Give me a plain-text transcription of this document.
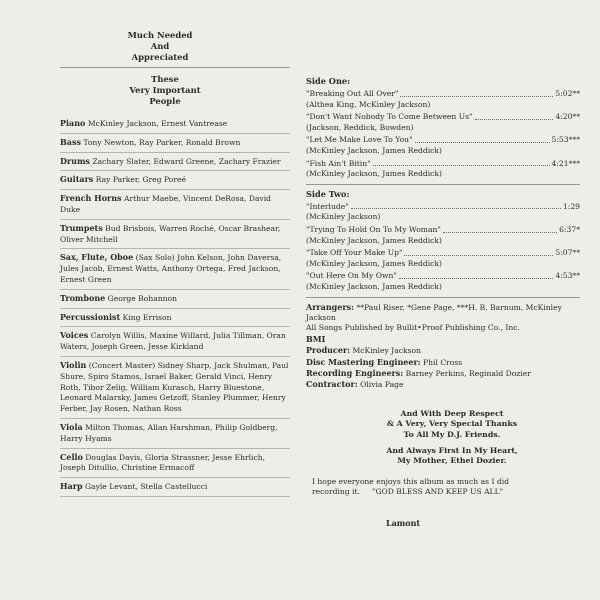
Much Needed
And
Appreciated
These
Very Important
People
Piano McKinley Jackson, Ernest Vantrease
Bass Tony Newton, Ray Parker, Ronald Brown
Drums Zachary Slater, Edward Greene, Zachary Frazier
Guitars Ray Parker, Greg Poreé
French Horns Arthur Maebe, Vincent DeRosa, David Duke
Trumpets Bud Brisbois, Warren Roché, Oscar Brashear, Oliver Mitchell
Sax, Flute, Oboe (Sax Solo) John Kelson, John Daversa, Jules Jacob, Ernest Watts, Anthony Ortega, Fred Jackson, Ernest Green
Trombone George Bohannon
Percussionist King Errison
Voices Carolyn Willis, Maxine Willard, Julia Tillman, Oran Waters, Joseph Green, Jesse Kirkland
Violin (Concert Master) Sidney Sharp, Jack Shulman, Paul Shure, Spiro Stamos, Israel Baker, Gerald Vinci, Henry Roth, Tibor Zelig, William Kurasch, Harry Bluestone, Leonard Malarsky, James Getzoff, Stanley Plummer, Henry Ferber, Jay Rosen, Nathan Ross
Viola Milton Thomas, Allan Harshman, Philip Goldberg, Harry Hyams
Cello Douglas Davis, Gloria Strassner, Jesse Ehrlich, Joseph Ditullio, Christine Ermacoff
Harp Gayle Levant, Stella Castellucci
Side One:
"Breaking Out All Over"	5:02**
(Althea King, McKinley Jackson)
"Don't Want Nobody To Come Between Us"	4:20**
(Jackson, Reddick, Bowden)
"Let Me Make Love To You"	5:53***
(McKinley Jackson, James Reddick)
"Fish Ain't Bitin"	4:21***
(McKinley Jackson, James Reddick)
Side Two:
"Interlude"	1:29
(McKinley Jackson)
"Trying To Hold On To My Woman"	6:37*
(McKinley Jackson, James Reddick)
"Take Off Your Make Up"	5:07**
(McKinley Jackson, James Reddick)
"Out Here On My Own"	4:53**
(McKinley Jackson, James Reddick)
Arrangers: **Paul Riser, *Gene Page, ***H. B. Barnum, McKinley Jackson
All Songs Published by Bullit•Proof Publishing Co., Inc.
BMI
Producer: McKinley Jackson
Disc Mastering Engineer: Phil Cross
Recording Engineers: Barney Perkins, Reginald Dozier
Contractor: Olivia Page

And With Deep Respect
& A Very, Very Special Thanks
To All My D.J. Friends.

And Always First In My Heart,
My Mother, Ethel Dozier.

I hope everyone enjoys this album as much as I did
recording it.     "GOD BLESS AND KEEP US ALL"
Lamont
